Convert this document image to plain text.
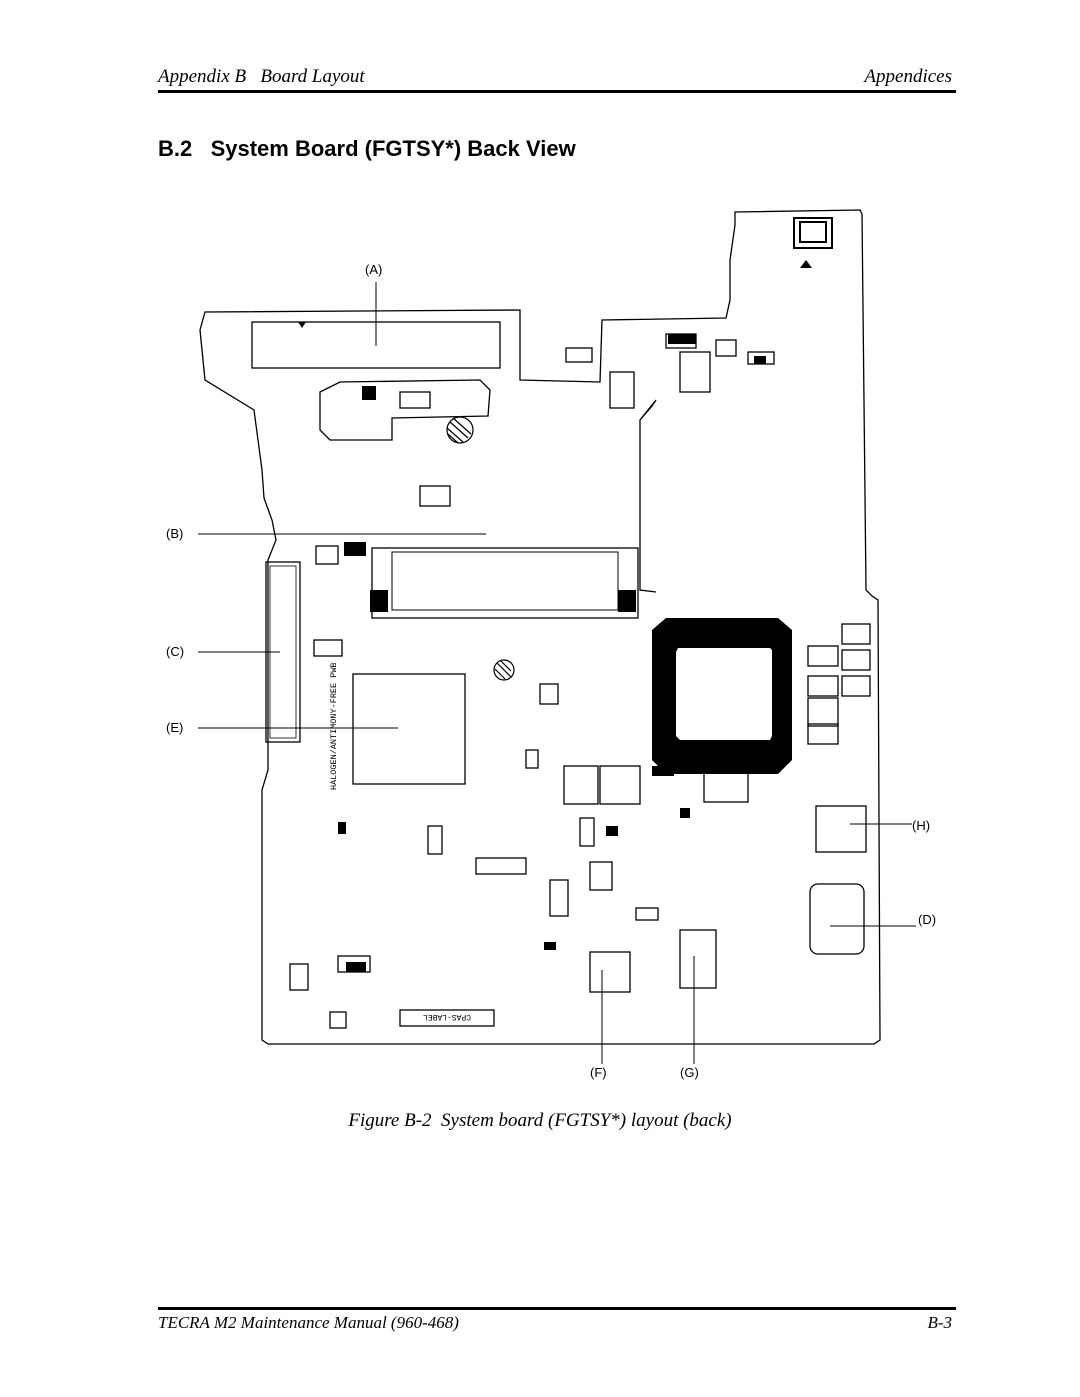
Appendix B   Board Layout	Appendices
B.2   System Board (FGTSY*) Back View
HALOGEN/ANTIMONY-FREE PWB
CPAS-LABEL
(A)
(B)
(C)
(E)
(H)
(D)
(F)	(G)
Figure B-2  System board (FGTSY*) layout (back)
TECRA M2 Maintenance Manual (960-468)	B-3
